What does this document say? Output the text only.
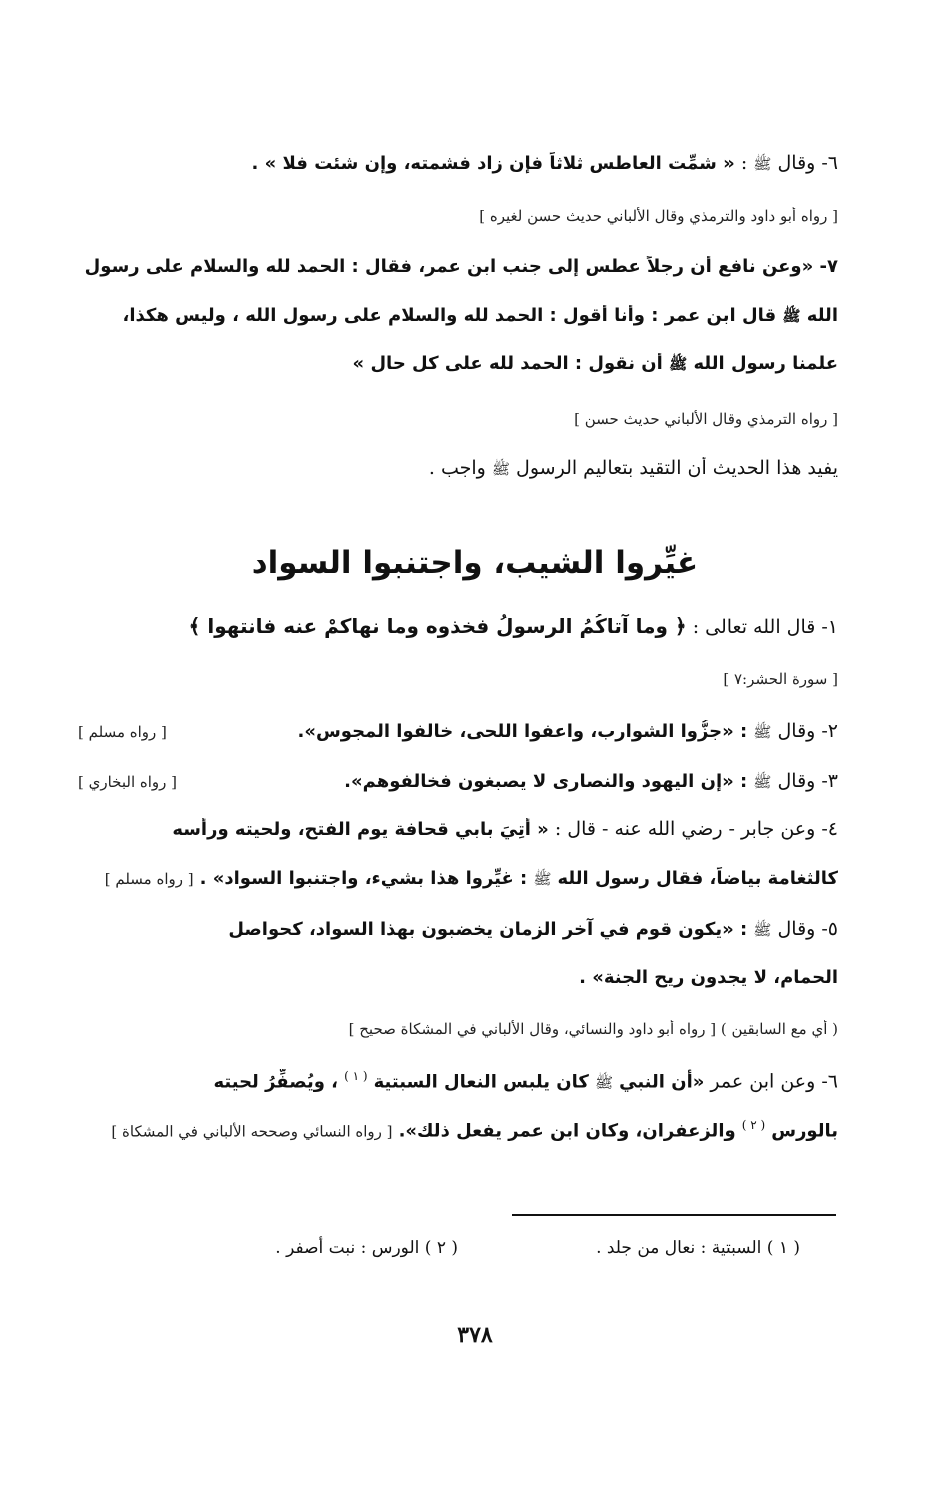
٦- وقال ﷺ : « شمِّت العاطس ثلاثاً فإن زاد فشمته، وإن شئت فلا » .
[ رواه أبو داود والترمذي وقال الألباني حديث حسن لغيره ]
٧- «وعن نافع أن رجلاً عطس إلى جنب ابن عمر، فقال : الحمد لله والسلام على رسول
الله ﷺ قال ابن عمر : وأنا أقول : الحمد لله والسلام على رسول الله ، وليس هكذا،
علمنا رسول الله ﷺ أن نقول : الحمد لله على كل حال »
[ رواه الترمذي وقال الألباني حديث حسن ]
يفيد هذا الحديث أن التقيد بتعاليم الرسول ﷺ واجب .
غيِّروا الشيب، واجتنبوا السواد
١- قال الله تعالى : ﴿ وما آتاكُمُ الرسولُ فخذوه وما نهاكمْ عنه فانتهوا ﴾
[ سورة الحشر:٧ ]
٢- وقال ﷺ : «جزُّوا الشوارب، واعفوا اللحى، خالفوا المجوس».
[ رواه مسلم ]
٣- وقال ﷺ : «إن اليهود والنصارى لا يصبغون فخالفوهم».
[ رواه البخاري ]
٤- وعن جابر - رضي الله عنه - قال : « أُتِيَ بابي قحافة يوم الفتح، ولحيته ورأسه
كالثغامة بياضاً، فقال رسول الله ﷺ : غيِّروا هذا بشيء، واجتنبوا السواد» . [ رواه مسلم ]
٥- وقال ﷺ : «يكون قوم في آخر الزمان يخضبون بهذا السواد، كحواصل
الحمام، لا يجدون ريح الجنة» .
( أي مع السابقين ) [ رواه أبو داود والنسائي، وقال الألباني في المشكاة صحيح ]
٦- وعن ابن عمر «أن النبي ﷺ كان يلبس النعال السبتية $^{( ١ )}$ ، ويُصفِّرُ لحيته
بالورس $^{( ٢ )}$ والزعفران، وكان ابن عمر يفعل ذلك». [ رواه النسائي وصححه الألباني في المشكاة ]
( ١ ) السبتية : نعال من جلد .
( ٢ ) الورس : نبت أصفر .
٣٧٨
